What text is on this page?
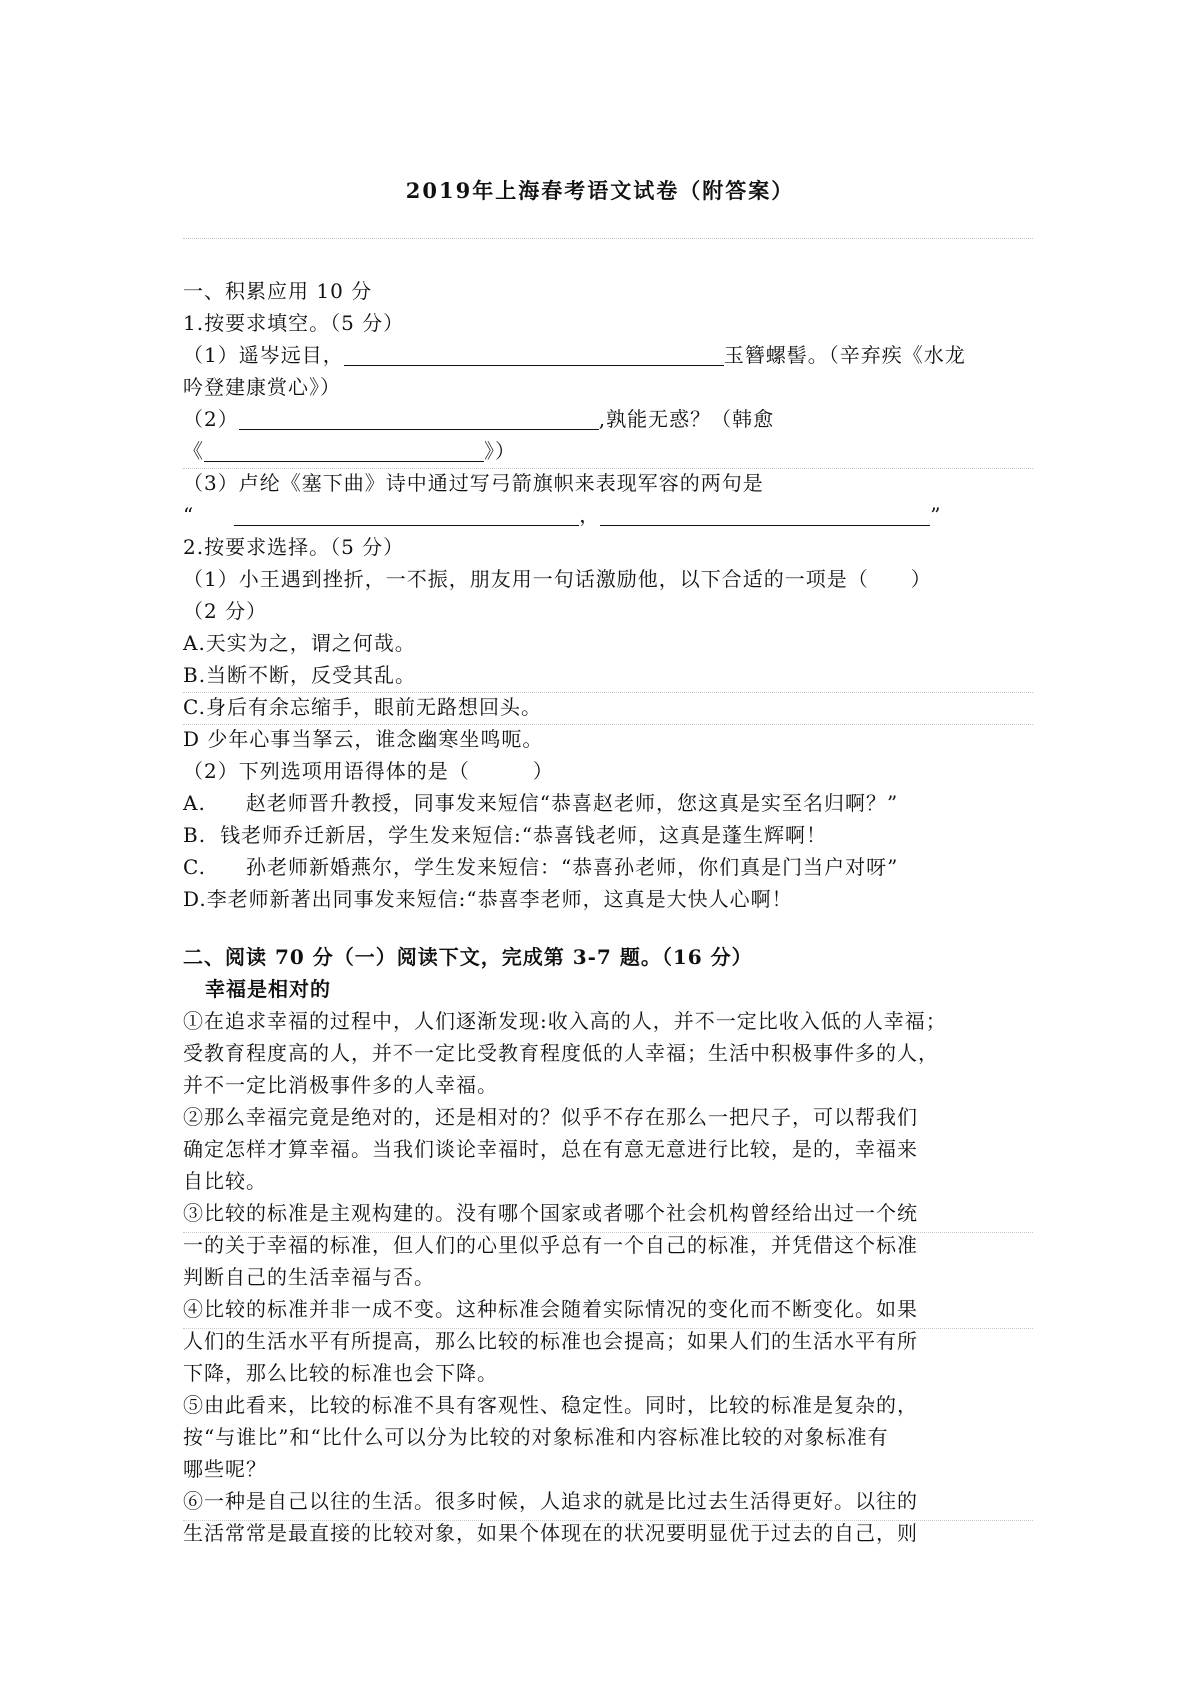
2019年上海春考语文试卷（附答案）
一、积累应用 10 分
1.按要求填空。（5 分）
（1）遥岑远目，	玉簪螺髻。（辛弃疾《水龙
吟登建康赏心》）
（2）	,孰能无惑？（韩愈
《	》）
（3）卢纶《塞下曲》诗中通过写弓箭旗帜来表现军容的两句是
“	，	”
2.按要求选择。（5 分）
（1）小王遇到挫折，一不振，朋友用一句话激励他，以下合适的一项是（　　）
（2 分）
A.天实为之，谓之何哉。
B.当断不断，反受其乱。
C.身后有余忘缩手，眼前无路想回头。
D 少年心事当拏云，谁念幽寒坐鸣呃。
（2）下列选项用语得体的是（　　　）
A. 赵老师晋升教授，同事发来短信“恭喜赵老师，您这真是实至名归啊？”
B. 钱老师乔迁新居，学生发来短信:“恭喜钱老师，这真是蓬生辉啊！
C. 孙老师新婚燕尔，学生发来短信：“恭喜孙老师，你们真是门当户对呀”
D.李老师新著出同事发来短信:“恭喜李老师，这真是大快人心啊！
二、阅读 70 分（一）阅读下文，完成第 3-7 题。（16 分）
幸福是相对的
①在追求幸福的过程中，人们逐渐发现:收入高的人，并不一定比收入低的人幸福；
受教育程度高的人，并不一定比受教育程度低的人幸福；生活中积极事件多的人，
并不一定比消极事件多的人幸福。
②那么幸福完竟是绝对的，还是相对的？似乎不存在那么一把尺子，可以帮我们
确定怎样才算幸福。当我们谈论幸福时，总在有意无意进行比较，是的，幸福来
自比较。
③比较的标准是主观构建的。没有哪个国家或者哪个社会机构曾经给出过一个统
一的关于幸福的标准，但人们的心里似乎总有一个自己的标准，并凭借这个标准
判断自己的生活幸福与否。
④比较的标准并非一成不变。这种标准会随着实际情况的变化而不断变化。如果
人们的生活水平有所提高，那么比较的标准也会提高；如果人们的生活水平有所
下降，那么比较的标准也会下降。
⑤由此看来，比较的标准不具有客观性、稳定性。同时，比较的标准是复杂的，
按“与谁比”和“比什么可以分为比较的对象标准和内容标准比较的对象标准有
哪些呢？
⑥一种是自己以往的生活。很多时候，人追求的就是比过去生活得更好。以往的
生活常常是最直接的比较对象，如果个体现在的状况要明显优于过去的自己，则
